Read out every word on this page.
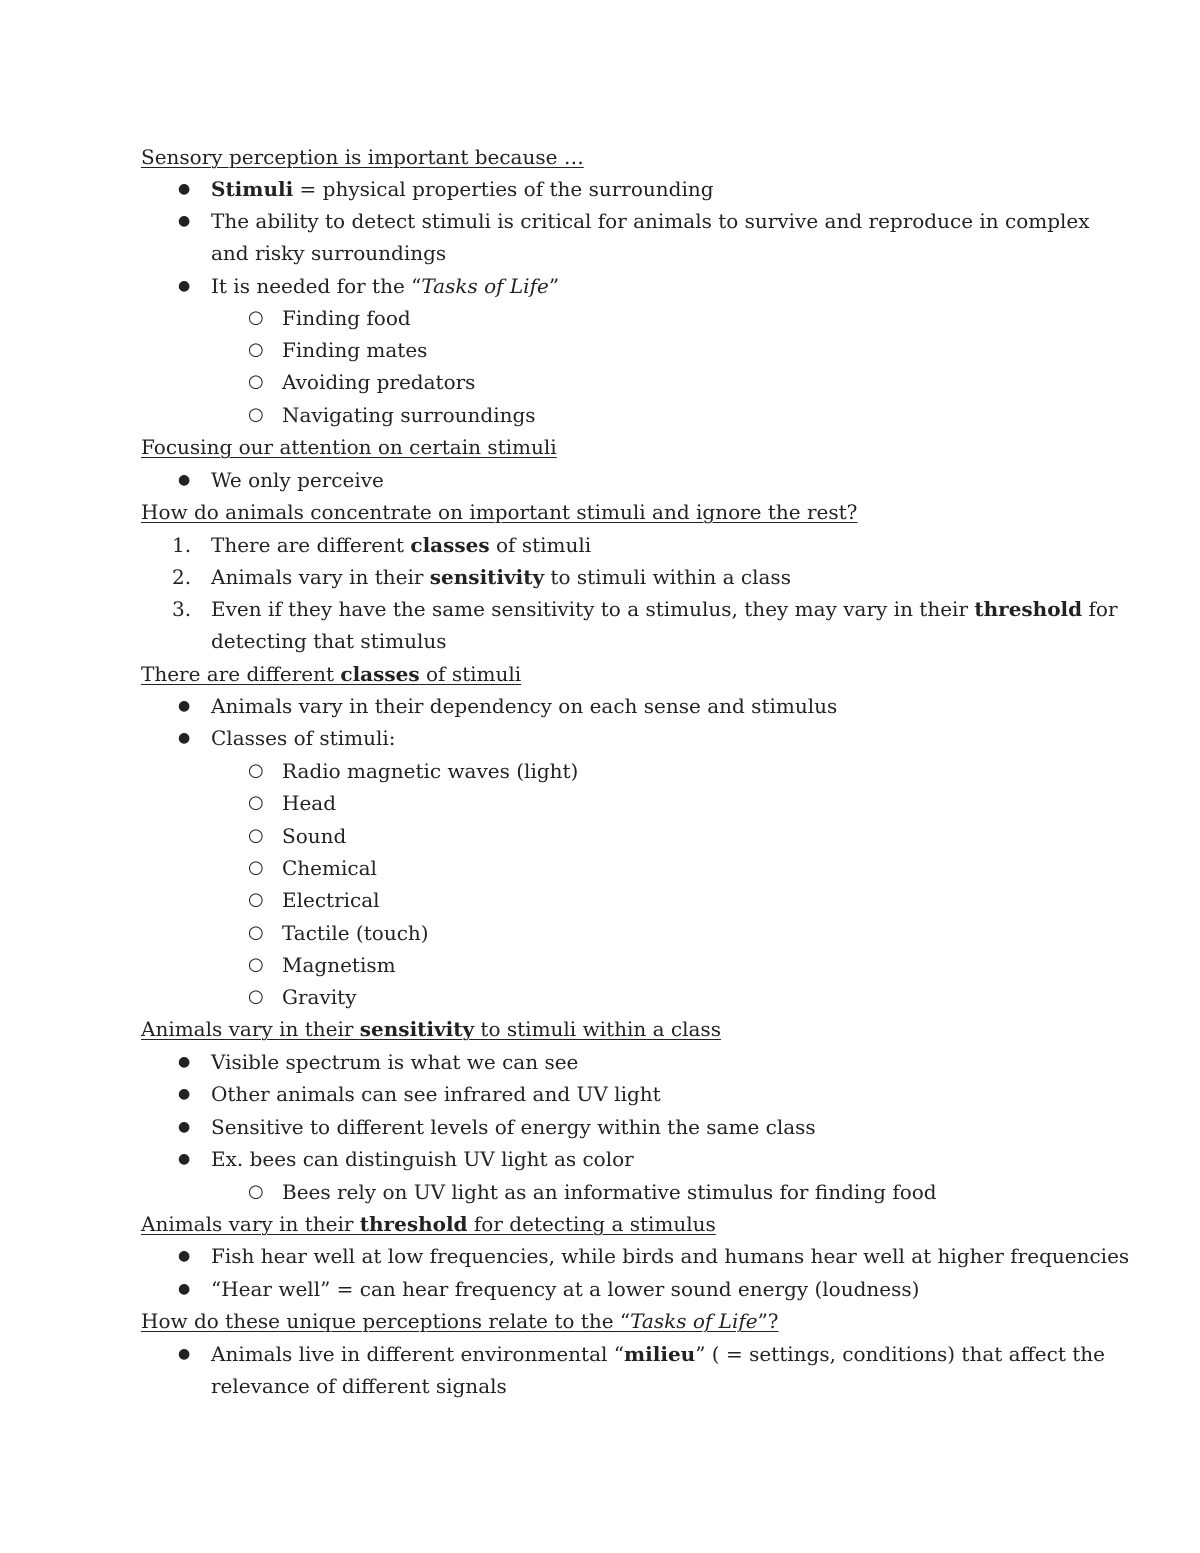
Sensory perception is important because …
● Stimuli = physical properties of the surrounding
● The ability to detect stimuli is critical for animals to survive and reproduce in complex
and risky surroundings
● It is needed for the “Tasks of Life”
○ Finding food
○ Finding mates
○ Avoiding predators
○ Navigating surroundings
Focusing our attention on certain stimuli
● We only perceive
How do animals concentrate on important stimuli and ignore the rest?
1. There are different classes of stimuli
2. Animals vary in their sensitivity to stimuli within a class
3. Even if they have the same sensitivity to a stimulus, they may vary in their threshold for
detecting that stimulus
There are different classes of stimuli
● Animals vary in their dependency on each sense and stimulus
● Classes of stimuli:
○ Radio magnetic waves (light)
○ Head
○ Sound
○ Chemical
○ Electrical
○ Tactile (touch)
○ Magnetism
○ Gravity
Animals vary in their sensitivity to stimuli within a class
● Visible spectrum is what we can see
● Other animals can see infrared and UV light
● Sensitive to different levels of energy within the same class
● Ex. bees can distinguish UV light as color
○ Bees rely on UV light as an informative stimulus for finding food
Animals vary in their threshold for detecting a stimulus
● Fish hear well at low frequencies, while birds and humans hear well at higher frequencies
● “Hear well” = can hear frequency at a lower sound energy (loudness)
How do these unique perceptions relate to the “Tasks of Life”?
● Animals live in different environmental “milieu” ( = settings, conditions) that affect the
relevance of different signals
